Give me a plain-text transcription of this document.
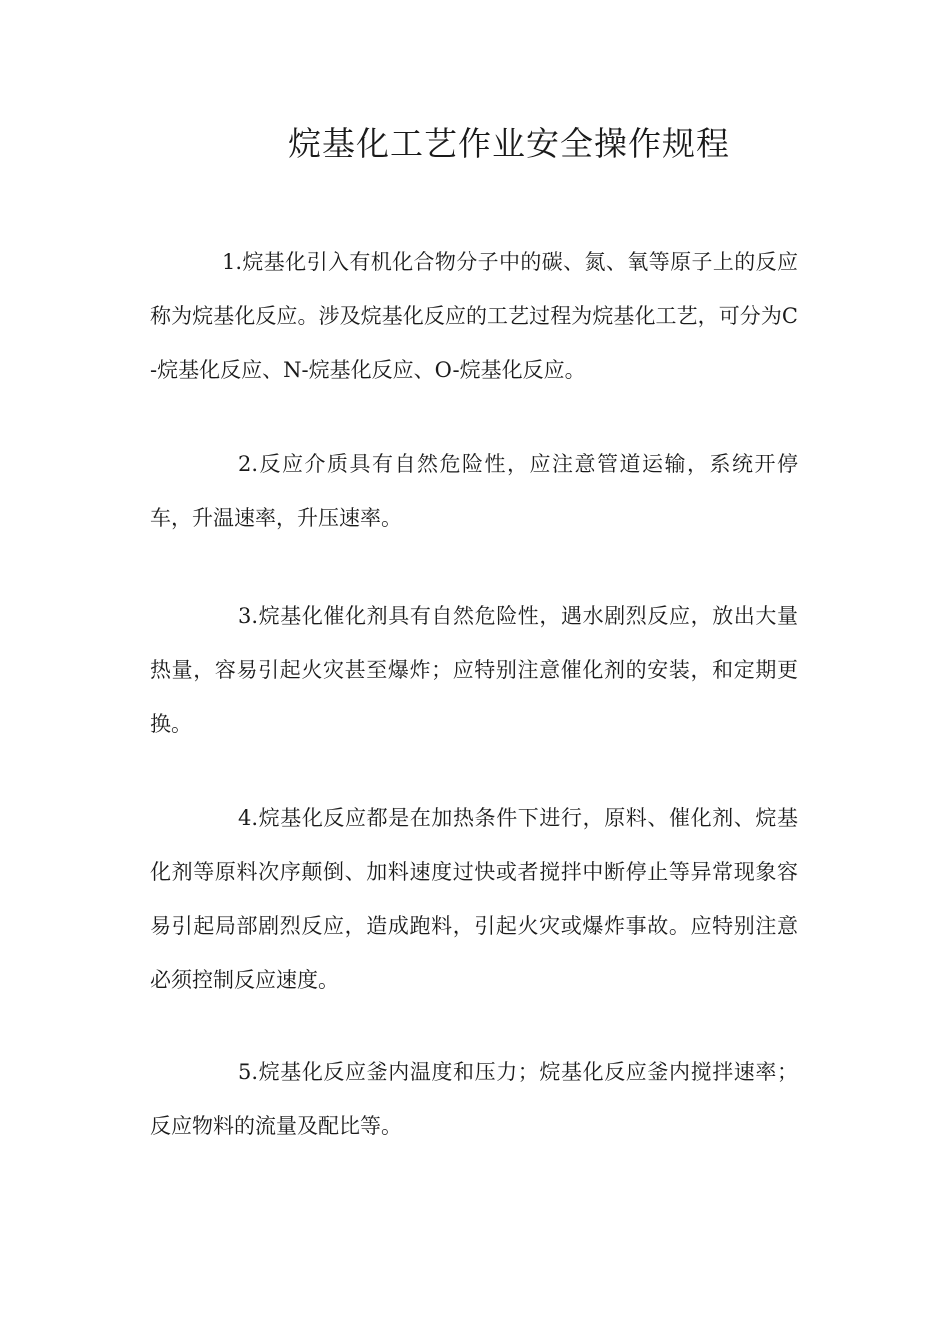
烷基化工艺作业安全操作规程

1.烷基化引入有机化合物分子中的碳、氮、氧等原子上的反应称为烷基化反应。涉及烷基化反应的工艺过程为烷基化工艺，可分为C-烷基化反应、N-烷基化反应、O-烷基化反应。

2.反应介质具有自然危险性，应注意管道运输，系统开停车，升温速率，升压速率。

3.烷基化催化剂具有自然危险性，遇水剧烈反应，放出大量热量，容易引起火灾甚至爆炸；应特别注意催化剂的安装，和定期更换。

4.烷基化反应都是在加热条件下进行，原料、催化剂、烷基化剂等原料次序颠倒、加料速度过快或者搅拌中断停止等异常现象容易引起局部剧烈反应，造成跑料，引起火灾或爆炸事故。应特别注意必须控制反应速度。

5.烷基化反应釜内温度和压力；烷基化反应釜内搅拌速率；反应物料的流量及配比等。
